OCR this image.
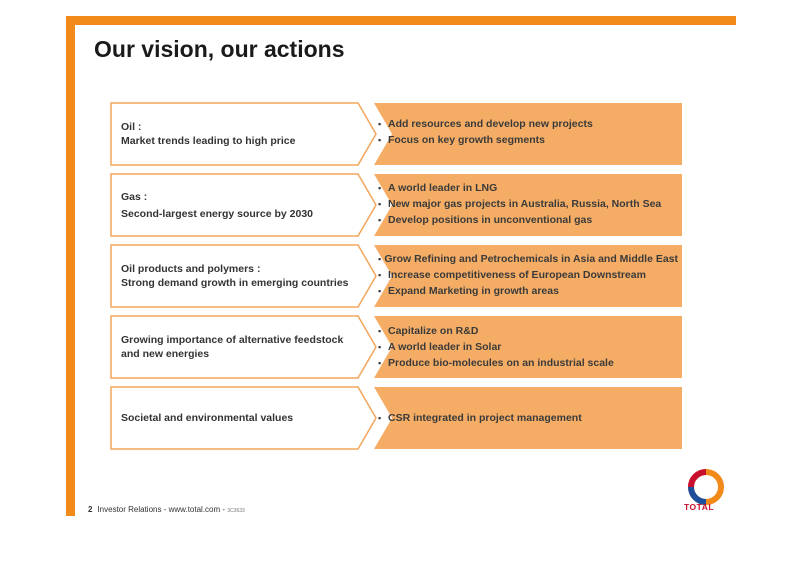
Our vision, our actions
Oil :
Market trends leading to high price
▪ Add resources and develop new projects
▪ Focus on key growth segments
Gas :
Second-largest energy source by 2030
▪ A world leader in LNG
▪ New major gas projects in Australia, Russia, North Sea
▪ Develop positions in unconventional gas
Oil products and polymers :
Strong demand growth in emerging countries
▪ Grow Refining and Petrochemicals in Asia and Middle East
▪ Increase competitiveness of European Downstream
▪ Expand Marketing in growth areas
Growing importance of alternative feedstock
and new energies
▪ Capitalize on R&D
▪ A world leader in Solar
▪ Produce bio-molecules on an industrial scale
Societal and environmental values	▪ CSR integrated in project management
2 Investor Relations - www.total.com - 3C3633	TOTAL
